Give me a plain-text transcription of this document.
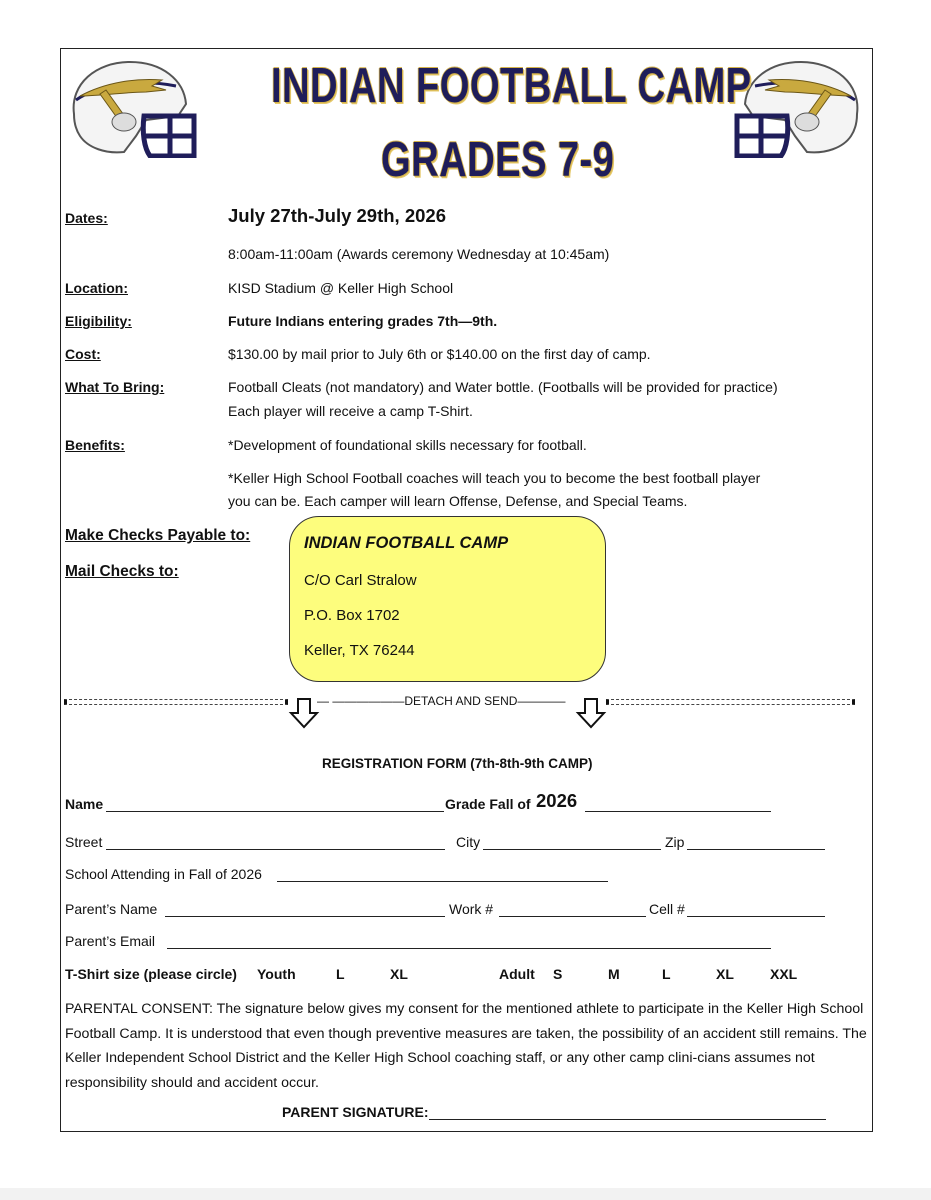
INDIAN FOOTBALL CAMP
GRADES 7-9
Dates:	July 27th-July 29th, 2026
8:00am-11:00am (Awards ceremony Wednesday at 10:45am)
Location:	KISD Stadium @ Keller High School
Eligibility:	Future Indians entering grades 7th—9th.
Cost:	$130.00 by mail prior to July 6th or $140.00 on the first day of camp.
What To Bring:	Football Cleats (not mandatory) and Water bottle. (Footballs will be provided for practice)
Each player will receive a camp T-Shirt.
Benefits:	*Development of foundational skills necessary for football.
*Keller High School Football coaches will teach you to become the best football player
you can be. Each camper will learn Offense, Defense, and Special Teams.
Make Checks Payable to:
Mail Checks to:
INDIAN FOOTBALL CAMP
C/O Carl Stralow
P.O. Box 1702
Keller, TX 76244
— ——————DETACH AND SEND————
REGISTRATION FORM (7th-8th-9th CAMP)
Name	Grade Fall of 2026
Street	City	Zip
School Attending in Fall of 2026
Parent’s Name	Work #	Cell #
Parent’s Email
T-Shirt size (please circle) Youth	L	XL	Adult S	M	L	XL	XXL
PARENTAL CONSENT: The signature below gives my consent for the mentioned athlete to participate in the Keller High School Football Camp. It is understood that even though preventive measures are taken, the possibility of an accident still remains. The Keller Independent School District and the Keller High School coaching staff, or any other camp clini-cians assumes not responsibility should and accident occur.
PARENT SIGNATURE:
